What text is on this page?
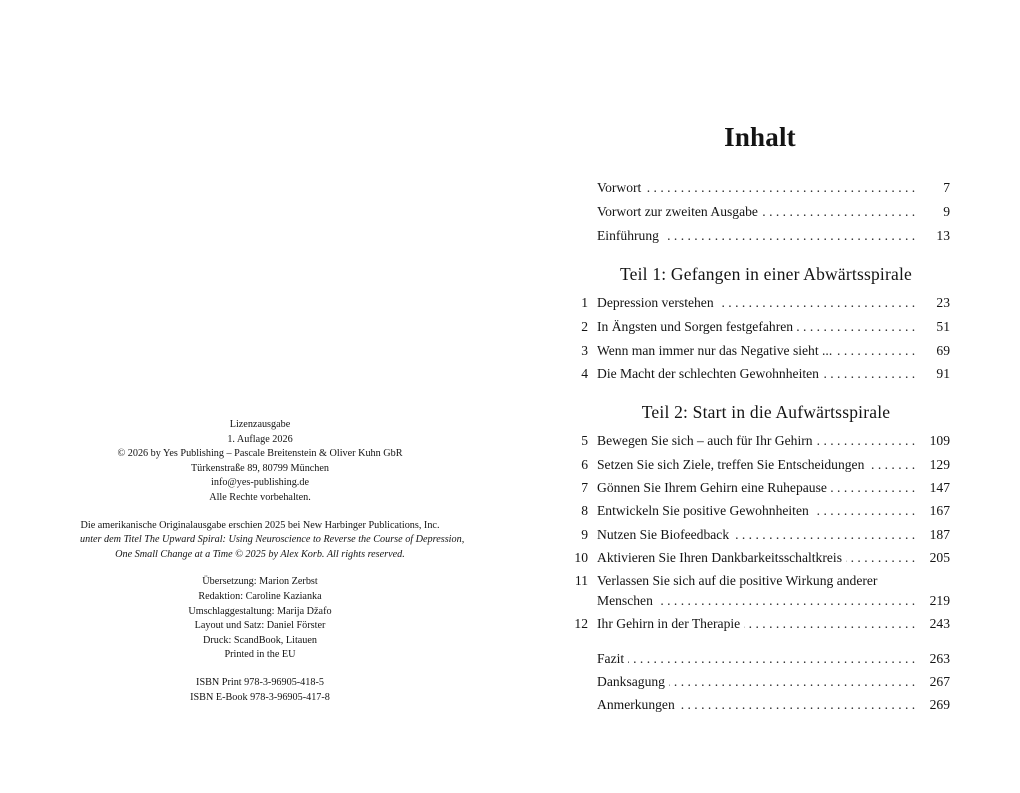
Lizenzausgabe
1. Auflage 2026
© 2026 by Yes Publishing – Pascale Breitenstein & Oliver Kuhn GbR
Türkenstraße 89, 80799 München
info@yes-publishing.de
Alle Rechte vorbehalten.
Die amerikanische Originalausgabe erschien 2025 bei New Harbinger Publications, Inc.
unter dem Titel The Upward Spiral: Using Neuroscience to Reverse the Course of Depression,
One Small Change at a Time © 2025 by Alex Korb. All rights reserved.
Übersetzung: Marion Zerbst
Redaktion: Caroline Kazianka
Umschlaggestaltung: Marija Džafo
Layout und Satz: Daniel Förster
Druck: ScandBook, Litauen
Printed in the EU
ISBN Print 978-3-96905-418-5
ISBN E-Book 978-3-96905-417-8
Inhalt
. . .
Vorwort	7
. . .
Vorwort zur zweiten Ausgabe	9
. . .
Einführung	13
Teil 1: Gefangen in einer Abwärtsspirale
1 . . . Depression verstehen	23
2 . . . In Ängsten und Sorgen festgefahren	51
3 . . . Wenn man immer nur das Negative sieht ...	69
4 . . . Die Macht der schlechten Gewohnheiten	91
Teil 2: Start in die Aufwärtsspirale
5 . . . Bewegen Sie sich – auch für Ihr Gehirn	109
6 . . . Setzen Sie sich Ziele, treffen Sie Entscheidungen	129
7 . . . Gönnen Sie Ihrem Gehirn eine Ruhepause	147
8 . . . Entwickeln Sie positive Gewohnheiten	167
9 . . . Nutzen Sie Biofeedback	187
10 . . . Aktivieren Sie Ihren Dankbarkeitsschaltkreis	205
11
. . . Verlassen Sie sich auf die positive Wirkung anderer
Menschen	219
12 . . . Ihr Gehirn in der Therapie	243
. . .
Fazit	263
. . .
Danksagung	267
. . .
Anmerkungen	269
